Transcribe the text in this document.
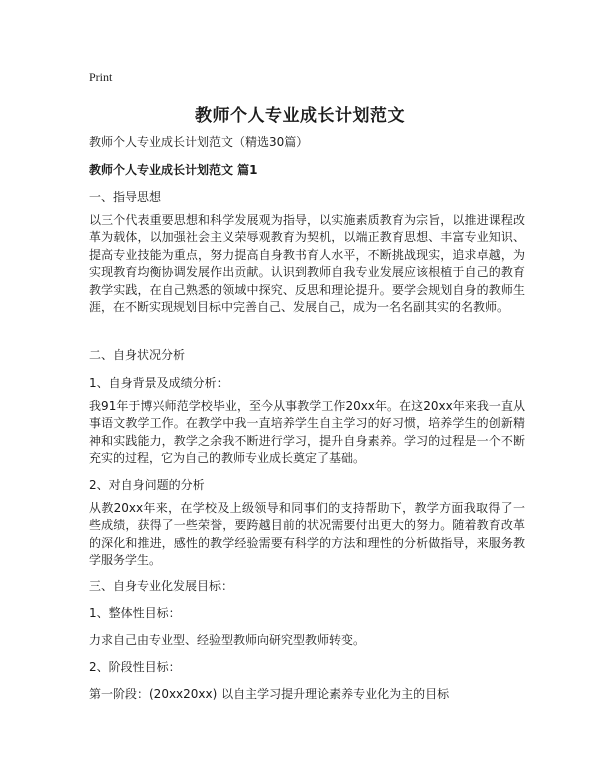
Print
教师个人专业成长计划范文
教师个人专业成长计划范文（精选30篇）
教师个人专业成长计划范文 篇1
一、指导思想

以三个代表重要思想和科学发展观为指导，以实施素质教育为宗旨，以推进课程改革为载体，以加强社会主义荣辱观教育为契机，以端正教育思想、丰富专业知识、提高专业技能为重点，努力提高自身教书育人水平，不断挑战现实，追求卓越，为实现教育均衡协调发展作出贡献。认识到教师自我专业发展应该根植于自己的教育教学实践，在自己熟悉的领域中探究、反思和理论提升。要学会规划自身的教师生涯，在不断实现规划目标中完善自己、发展自己，成为一名名副其实的名教师。

二、自身状况分析
1、自身背景及成绩分析：

我91年于博兴师范学校毕业，至今从事教学工作20xx年。在这20xx年来我一直从事语文教学工作。在教学中我一直培养学生自主学习的好习惯，培养学生的创新精神和实践能力，教学之余我不断进行学习，提升自身素养。学习的过程是一个不断充实的过程，它为自己的教师专业成长奠定了基础。

2、对自身问题的分析

从教20xx年来，在学校及上级领导和同事们的支持帮助下，教学方面我取得了一些成绩，获得了一些荣誉，要跨越目前的状况需要付出更大的努力。随着教育改革的深化和推进，感性的教学经验需要有科学的方法和理性的分析做指导，来服务教学服务学生。

三、自身专业化发展目标：
1、整体性目标：
力求自己由专业型、经验型教师向研究型教师转变。
2、阶段性目标：
第一阶段：(20xx20xx) 以自主学习提升理论素养专业化为主的目标
